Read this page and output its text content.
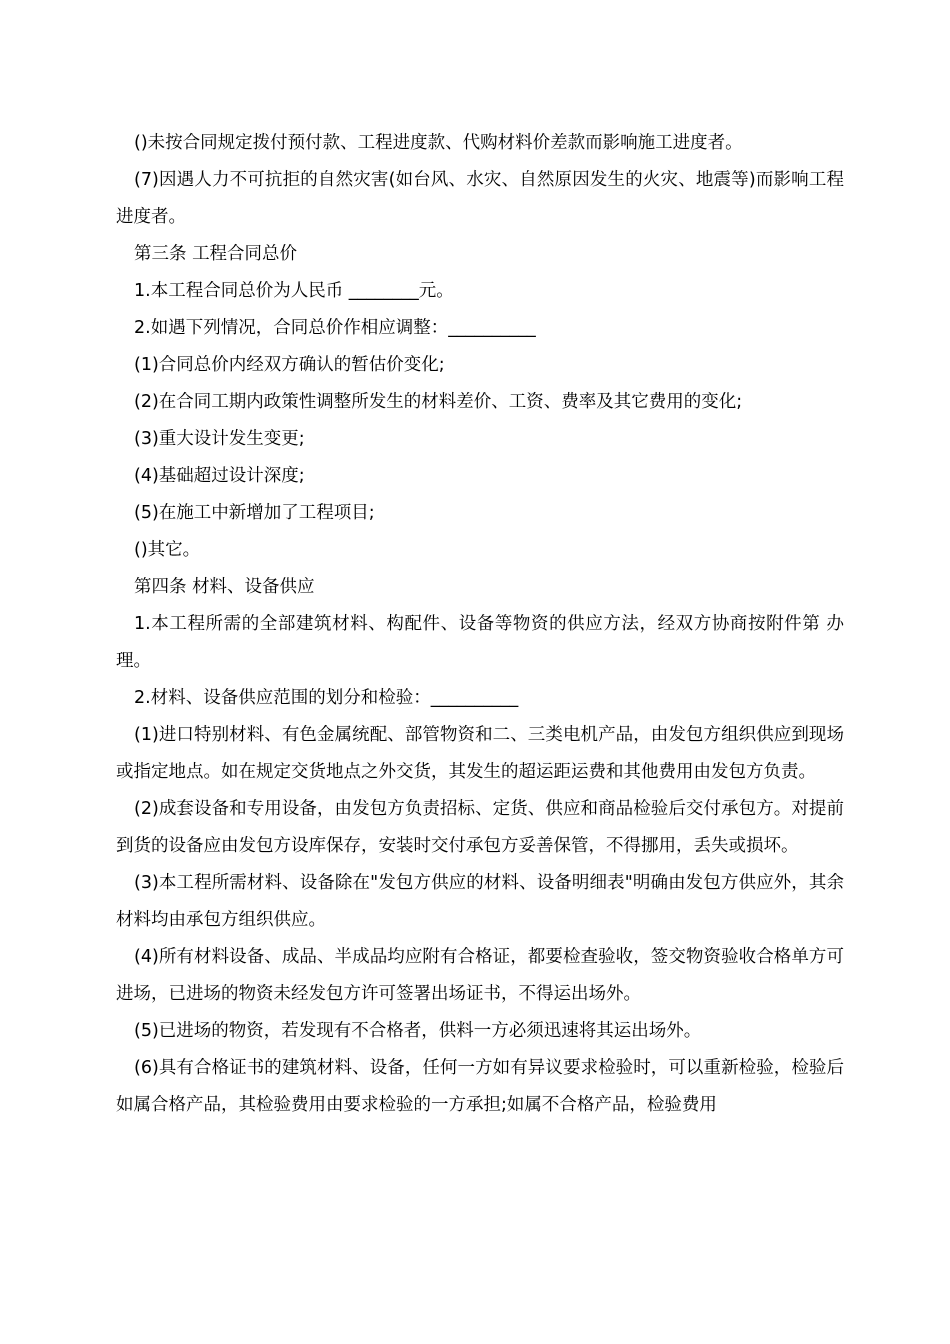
()未按合同规定拨付预付款、工程进度款、代购材料价差款而影响施工进度者。

(7)因遇人力不可抗拒的自然灾害(如台风、水灾、自然原因发生的火灾、地震等)而影响工程进度者。

第三条 工程合同总价

1.本工程合同总价为人民币 ________元。

2.如遇下列情况，合同总价作相应调整：__________

(1)合同总价内经双方确认的暂估价变化;

(2)在合同工期内政策性调整所发生的材料差价、工资、费率及其它费用的变化;

(3)重大设计发生变更;

(4)基础超过设计深度;

(5)在施工中新增加了工程项目;

()其它。

第四条 材料、设备供应

1.本工程所需的全部建筑材料、构配件、设备等物资的供应方法，经双方协商按附件第 办理。

2.材料、设备供应范围的划分和检验：__________

(1)进口特别材料、有色金属统配、部管物资和二、三类电机产品，由发包方组织供应到现场或指定地点。如在规定交货地点之外交货，其发生的超运距运费和其他费用由发包方负责。

(2)成套设备和专用设备，由发包方负责招标、定货、供应和商品检验后交付承包方。对提前到货的设备应由发包方设库保存，安装时交付承包方妥善保管，不得挪用，丢失或损坏。

(3)本工程所需材料、设备除在"发包方供应的材料、设备明细表"明确由发包方供应外，其余材料均由承包方组织供应。

(4)所有材料设备、成品、半成品均应附有合格证，都要检查验收，签交物资验收合格单方可进场，已进场的物资未经发包方许可签署出场证书，不得运出场外。

(5)已进场的物资，若发现有不合格者，供料一方必须迅速将其运出场外。

(6)具有合格证书的建筑材料、设备，任何一方如有异议要求检验时，可以重新检验，检验后如属合格产品，其检验费用由要求检验的一方承担;如属不合格产品，检验费用
